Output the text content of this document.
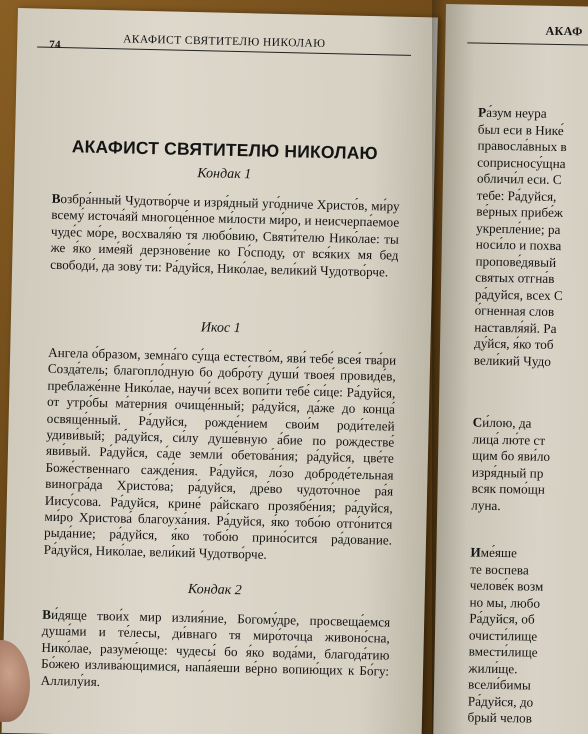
74	АКАФИСТ СВЯТИТЕЛЮ НИКОЛАЮ
АКАФИСТ СВЯТИТЕЛЮ НИКОЛАЮ
Кондак 1
Возбра́нный Чудотво́рче и изря́дный уго́дниче Христо́в, ми́ру всему́ источа́яй многоце́нное ми́лости ми́ро, и неисчерпа́емое чуде́с мо́ре, восхваля́ю тя любо́вию, Святи́телю Нико́лае: ты же я́ко име́яй дерзнове́ние ко Го́споду, от вся́ких мя бед свободи́, да зову́ ти: Ра́дуйся, Нико́лае, вели́кий Чудотво́рче.
Икос 1
Ангела о́бразом, земна́го су́ща естество́м, яви́ тебе́ всея́ тва́ри Созда́тель; благопло́дную бо добро́ту души́ твоея́ провиде́в, преблаже́нне Нико́лае, научи́ всех вопи́ти тебе́ си́це: Ра́дуйся, от утро́бы ма́терния очище́нный; ра́дуйся, да́же до конца́ освяще́нный. Ра́дуйся, рожде́нием свои́м роди́телей удиви́вый; ра́дуйся, си́лу душе́вную а́бие по рождестве́ яви́вый. Ра́дуйся, са́де земли́ обетова́ния; ра́дуйся, цве́те Боже́ственнаго сажде́ния. Ра́дуйся, ло́зо доброде́тельная виногра́да Христо́ва; ра́дуйся, дре́во чудото́чное ра́я Иису́сова. Ра́дуйся, крине́ ра́йскаго прозябе́ния; ра́дуйся, ми́ро Христова́ благоуха́ния. Ра́дуйся, я́ко тобо́ю отго́нится рыда́ние; ра́дуйся, я́ко тобо́ю прино́сится ра́дование. Ра́дуйся, Нико́лае, вели́кий Чудотво́рче.
Кондак 2
Ви́дяще твои́х мир излия́ние, Богому́дре, просвеща́емся душа́ми и те́лесы, ди́внаго тя миро́точца живоно́сна, Нико́лае, разуме́юще: чудесы́ бо я́ко вода́ми, благода́тию Бо́жею излива́ющимися, напа́яеши ве́рно вопию́щих к Бо́гу: Аллилу́ия.
АКАФ
Ра́зум неура
был еси в Нике́
правосла́вных в
соприсносу́щна
обличи́л еси. С
тебе: Ра́дуйся,
ве́рных прибе́ж
укрепле́ние; ра
носи́ло и похва
пропове́дявый
святых отгна́в
ра́дуйся, всех С
о́гненная слов
наставля́яй. Ра
ду́йся, я́ко тоб
вели́кий Чудо
Си́лою, да
лица́ лю́те ст
щим бо яви́ло
изря́дный пр
всяк помо́щн
луна.
Име́яше
те воспева
челове́к возм
но мы, любо
Ра́дуйся, об
очисти́лище
вмести́лище
жили́ще.
всели́бимы
Ра́дуйся, до
брый челов
